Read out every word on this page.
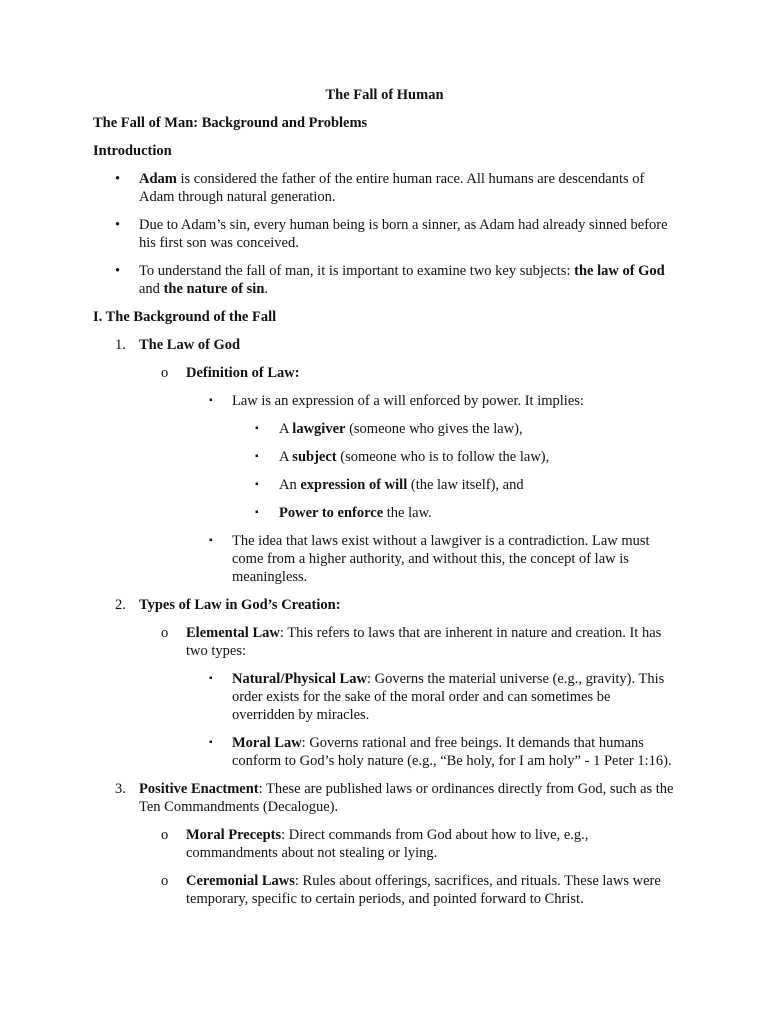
The Fall of Human
The Fall of Man: Background and Problems
Introduction
• Adam is considered the father of the entire human race. All humans are descendants of Adam through natural generation.
• Due to Adam’s sin, every human being is born a sinner, as Adam had already sinned before his first son was conceived.
• To understand the fall of man, it is important to examine two key subjects: the law of God and the nature of sin.
I. The Background of the Fall
1. The Law of God
o Definition of Law:
▪ Law is an expression of a will enforced by power. It implies:
▪ A lawgiver (someone who gives the law),
▪ A subject (someone who is to follow the law),
▪ An expression of will (the law itself), and
▪ Power to enforce the law.
▪ The idea that laws exist without a lawgiver is a contradiction. Law must come from a higher authority, and without this, the concept of law is meaningless.
2. Types of Law in God’s Creation:
o Elemental Law: This refers to laws that are inherent in nature and creation. It has two types:
▪ Natural/Physical Law: Governs the material universe (e.g., gravity). This order exists for the sake of the moral order and can sometimes be overridden by miracles.
▪ Moral Law: Governs rational and free beings. It demands that humans conform to God’s holy nature (e.g., “Be holy, for I am holy” - 1 Peter 1:16).
3. Positive Enactment: These are published laws or ordinances directly from God, such as the Ten Commandments (Decalogue).
o Moral Precepts: Direct commands from God about how to live, e.g., commandments about not stealing or lying.
o Ceremonial Laws: Rules about offerings, sacrifices, and rituals. These laws were temporary, specific to certain periods, and pointed forward to Christ.
